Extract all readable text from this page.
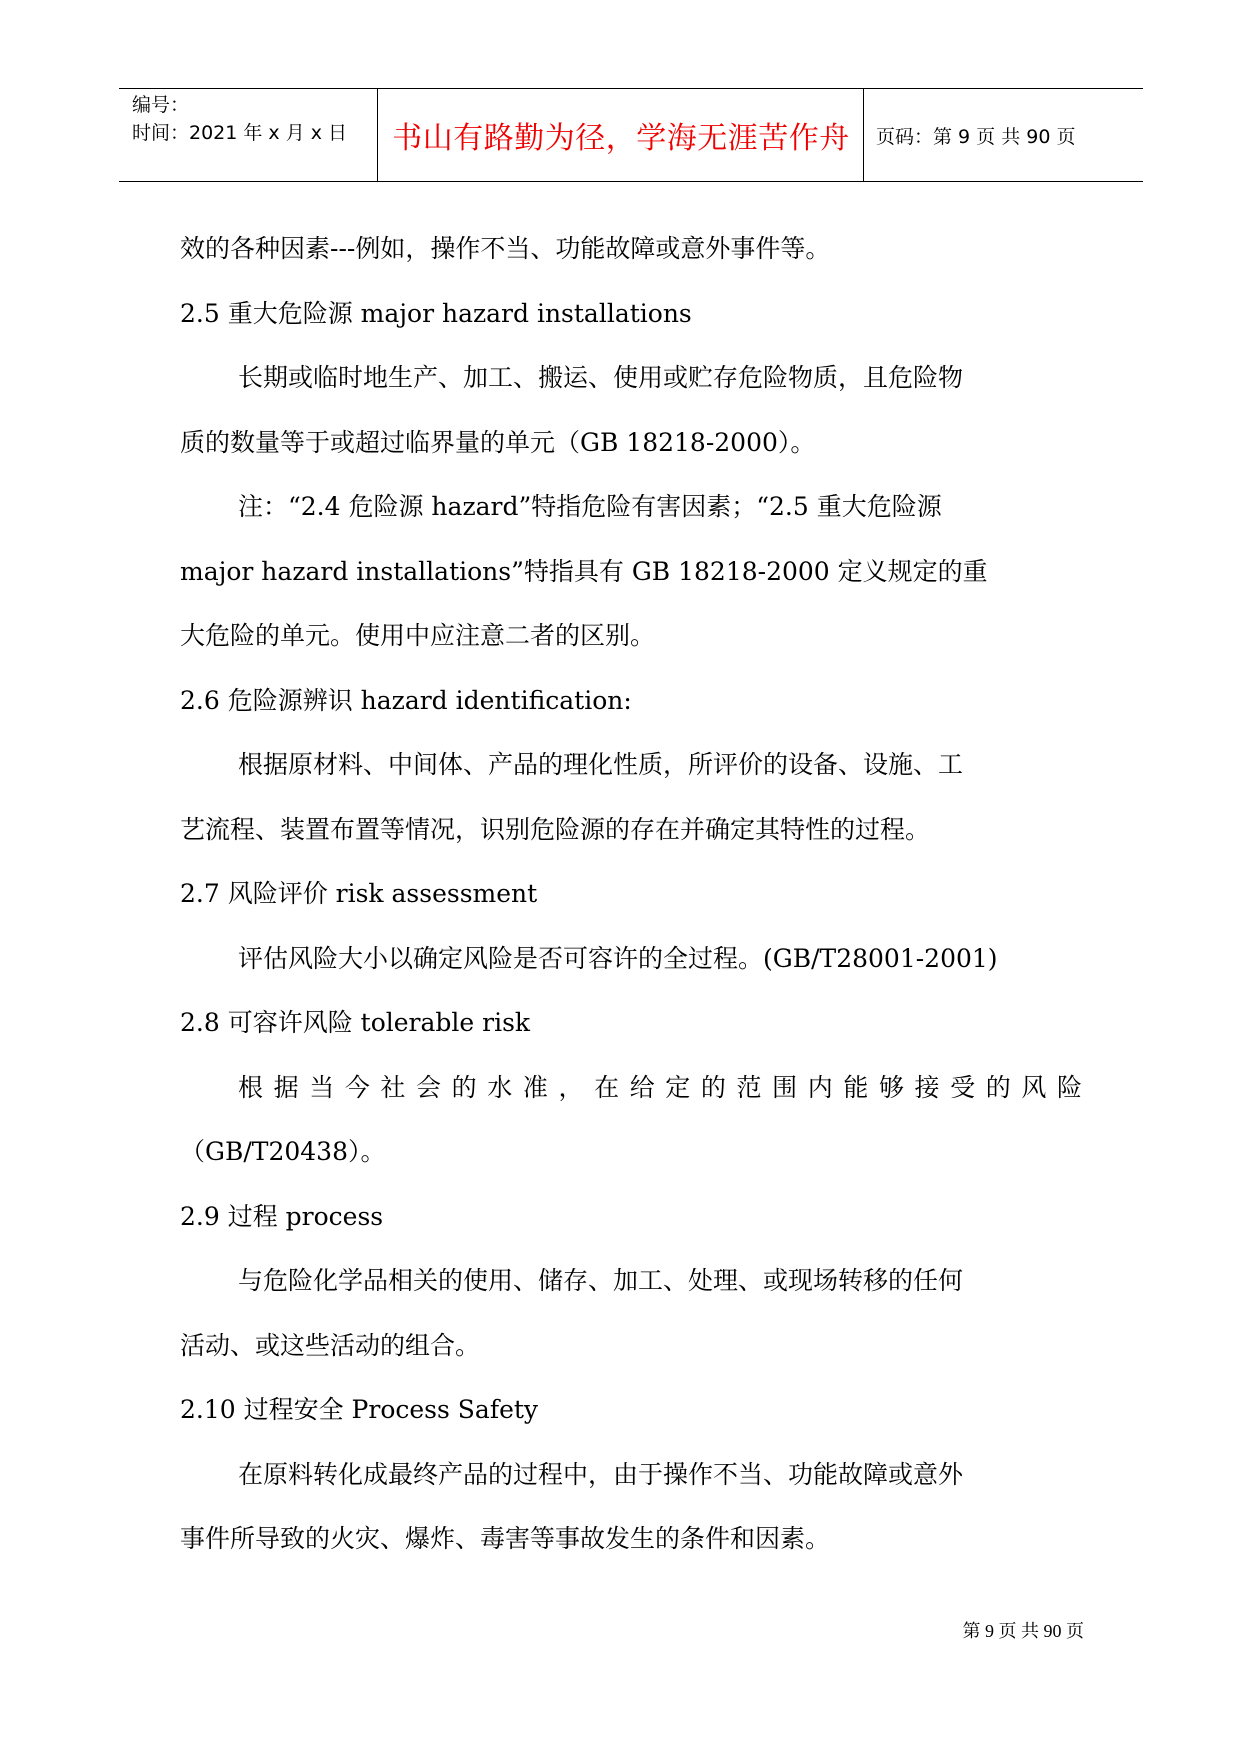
编号：
时间：2021 年 x 月 x 日	书山有路勤为径，学海无涯苦作舟	页码：第 9 页 共 90 页
效的各种因素---例如，操作不当、功能故障或意外事件等。
2.5 重大危险源 major hazard installations
长期或临时地生产、加工、搬运、使用或贮存危险物质，且危险物
质的数量等于或超过临界量的单元（GB 18218-2000）。
注：“2.4 危险源 hazard”特指危险有害因素；“2.5 重大危险源
major hazard installations”特指具有 GB 18218-2000 定义规定的重
大危险的单元。使用中应注意二者的区别。
2.6 危险源辨识 hazard identification:
根据原材料、中间体、产品的理化性质，所评价的设备、设施、工
艺流程、装置布置等情况，识别危险源的存在并确定其特性的过程。
2.7 风险评价 risk assessment
评估风险大小以确定风险是否可容许的全过程。(GB/T28001-2001)
2.8 可容许风险 tolerable risk
根据当今社会的水准，在给定的范围内能够接受的风险
（GB/T20438）。
2.9 过程 process
与危险化学品相关的使用、储存、加工、处理、或现场转移的任何
活动、或这些活动的组合。
2.10 过程安全 Process Safety
在原料转化成最终产品的过程中，由于操作不当、功能故障或意外
事件所导致的火灾、爆炸、毒害等事故发生的条件和因素。
第 9 页 共 90 页
